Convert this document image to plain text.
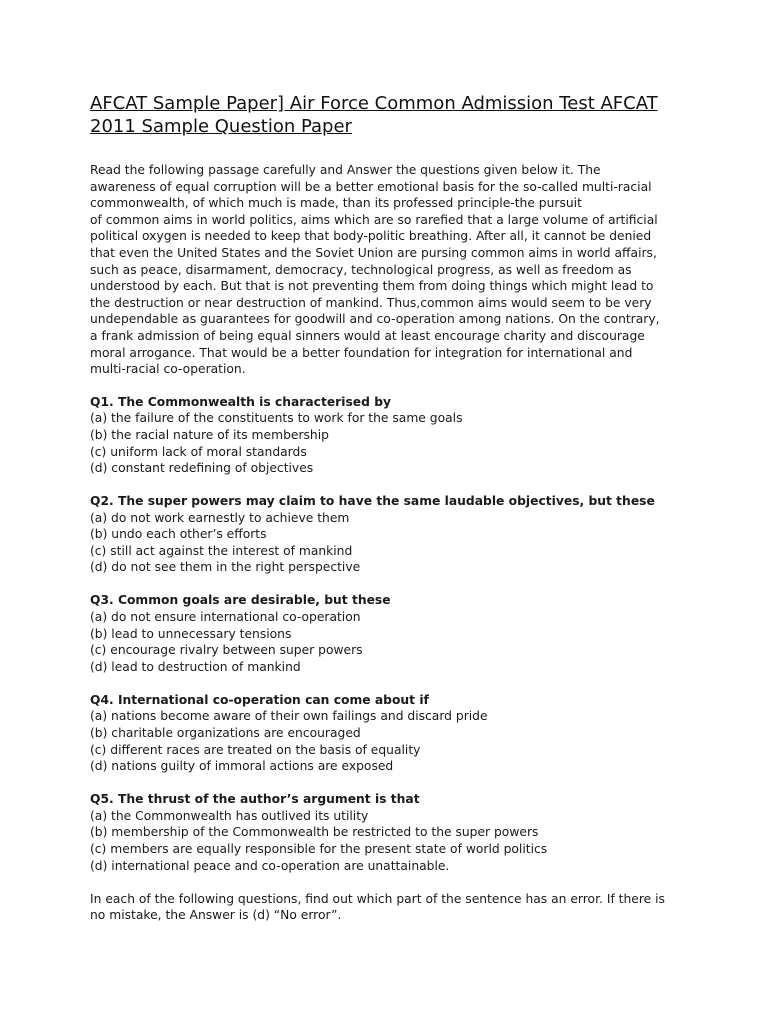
AFCAT Sample Paper] Air Force Common Admission Test AFCAT
2011 Sample Question Paper
Read the following passage carefully and Answer the questions given below it. The
awareness of equal corruption will be a better emotional basis for the so-called multi-racial
commonwealth, of which much is made, than its professed principle-the pursuit
of common aims in world politics, aims which are so rarefied that a large volume of artificial
political oxygen is needed to keep that body-politic breathing. After all, it cannot be denied
that even the United States and the Soviet Union are pursing common aims in world affairs,
such as peace, disarmament, democracy, technological progress, as well as freedom as
understood by each. But that is not preventing them from doing things which might lead to
the destruction or near destruction of mankind. Thus,common aims would seem to be very
undependable as guarantees for goodwill and co-operation among nations. On the contrary,
a frank admission of being equal sinners would at least encourage charity and discourage
moral arrogance. That would be a better foundation for integration for international and
multi-racial co-operation.
Q1. The Commonwealth is characterised by
(a) the failure of the constituents to work for the same goals
(b) the racial nature of its membership
(c) uniform lack of moral standards
(d) constant redefining of objectives
Q2. The super powers may claim to have the same laudable objectives, but these
(a) do not work earnestly to achieve them
(b) undo each other’s efforts
(c) still act against the interest of mankind
(d) do not see them in the right perspective
Q3. Common goals are desirable, but these
(a) do not ensure international co-operation
(b) lead to unnecessary tensions
(c) encourage rivalry between super powers
(d) lead to destruction of mankind
Q4. International co-operation can come about if
(a) nations become aware of their own failings and discard pride
(b) charitable organizations are encouraged
(c) different races are treated on the basis of equality
(d) nations guilty of immoral actions are exposed
Q5. The thrust of the author’s argument is that
(a) the Commonwealth has outlived its utility
(b) membership of the Commonwealth be restricted to the super powers
(c) members are equally responsible for the present state of world politics
(d) international peace and co-operation are unattainable.
In each of the following questions, find out which part of the sentence has an error. If there is
no mistake, the Answer is (d) “No error”.
